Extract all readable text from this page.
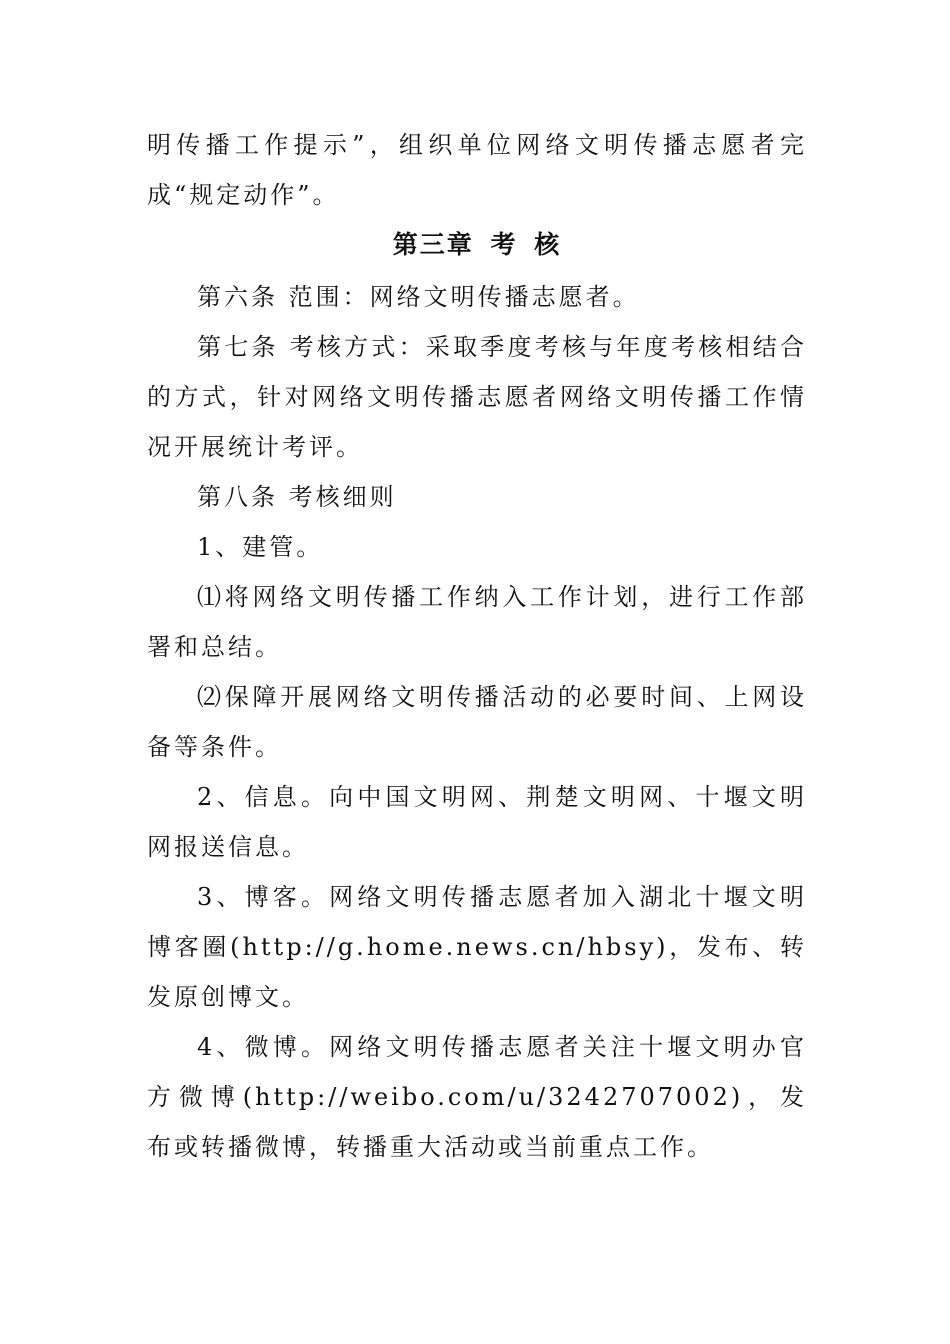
明传播工作提示”，组织单位网络文明传播志愿者完成“规定动作”。

第三章 考 核

第六条 范围：网络文明传播志愿者。

第七条 考核方式：采取季度考核与年度考核相结合的方式，针对网络文明传播志愿者网络文明传播工作情况开展统计考评。

第八条 考核细则

1、建管。

⑴将网络文明传播工作纳入工作计划，进行工作部署和总结。

⑵保障开展网络文明传播活动的必要时间、上网设备等条件。

2、信息。向中国文明网、荆楚文明网、十堰文明网报送信息。

3、博客。网络文明传播志愿者加入湖北十堰文明博客圈(http://g.home.news.cn/hbsy)，发布、转发原创博文。

4、微博。网络文明传播志愿者关注十堰文明办官方微博(http://weibo.com/u/3242707002)，发布或转播微博，转播重大活动或当前重点工作。
